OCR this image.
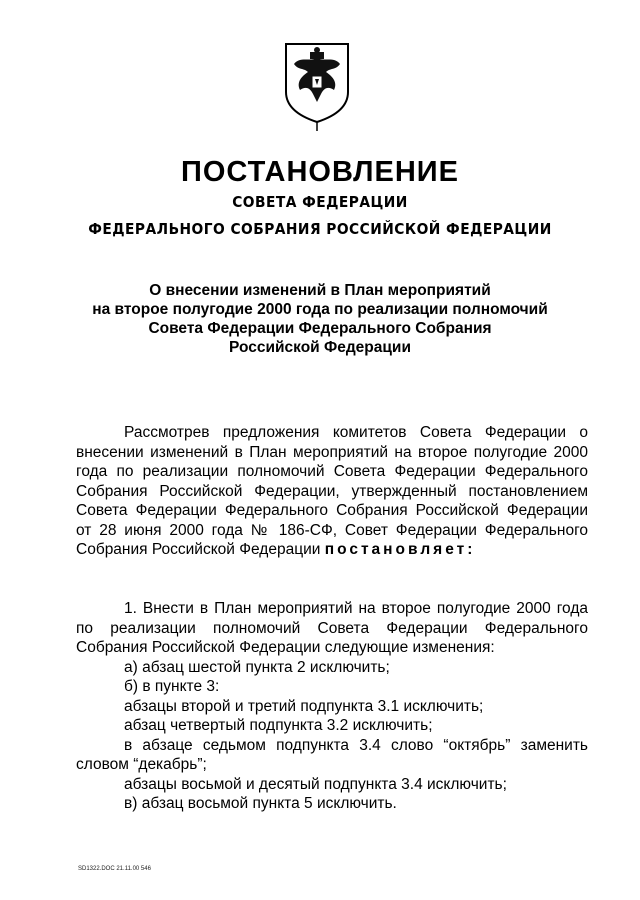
ПОСТАНОВЛЕНИЕ
СОВЕТА ФЕДЕРАЦИИ
ФЕДЕРАЛЬНОГО СОБРАНИЯ РОССИЙСКОЙ ФЕДЕРАЦИИ
О внесении изменений в План мероприятий
на второе полугодие 2000 года по реализации полномочий
Совета Федерации Федерального Собрания
Российской Федерации

Рассмотрев предложения комитетов Совета Федерации о внесении изменений в План мероприятий на второе полугодие 2000 года по реализации полномочий Совета Федерации Федерального Собрания Российской Федерации, утвержденный постановлением Совета Федерации Федерального Собрания Российской Федерации от 28 июня 2000 года № 186-СФ, Совет Федерации Федерального Собрания Российской Федерации постановляет:

1. Внести в План мероприятий на второе полугодие 2000 года по реализации полномочий Совета Федерации Федерального Собрания Российской Федерации следующие изменения:

а) абзац шестой пункта 2 исключить;

б) в пункте 3:

абзацы второй и третий подпункта 3.1 исключить;

абзац четвертый подпункта 3.2 исключить;

в абзаце седьмом подпункта 3.4 слово “октябрь” заменить словом “декабрь”;

абзацы восьмой и десятый подпункта 3.4 исключить;

в) абзац восьмой пункта 5 исключить.

SD1322.DOC 21.11.00 546
